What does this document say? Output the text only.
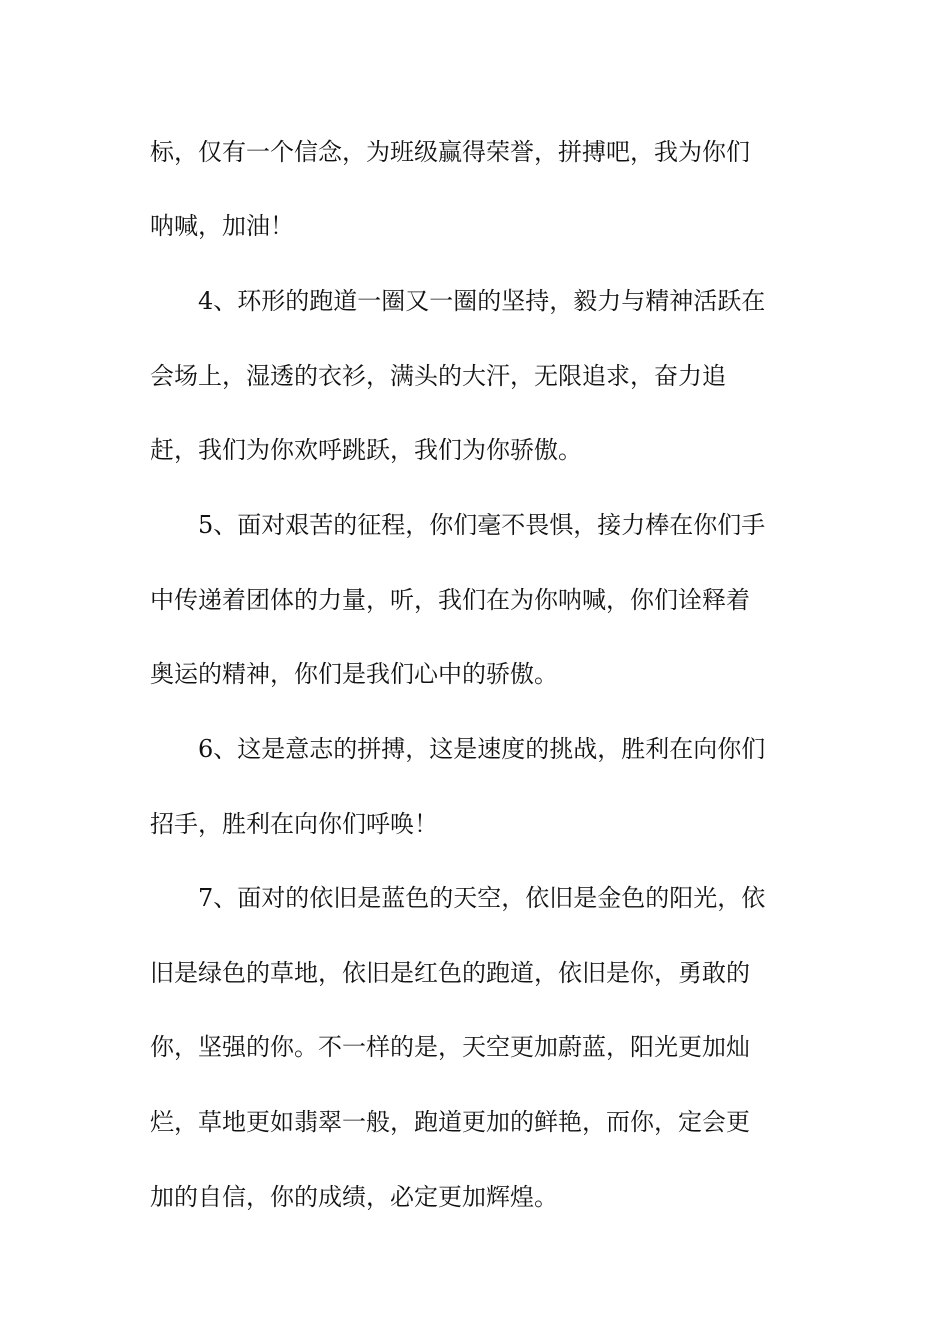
标，仅有一个信念，为班级赢得荣誉，拼搏吧，我为你们
呐喊，加油！
4、环形的跑道一圈又一圈的坚持，毅力与精神活跃在
会场上，湿透的衣衫，满头的大汗，无限追求，奋力追
赶，我们为你欢呼跳跃，我们为你骄傲。
5、面对艰苦的征程，你们毫不畏惧，接力棒在你们手
中传递着团体的力量，听，我们在为你呐喊，你们诠释着
奥运的精神，你们是我们心中的骄傲。
6、这是意志的拼搏，这是速度的挑战，胜利在向你们
招手，胜利在向你们呼唤！
7、面对的依旧是蓝色的天空，依旧是金色的阳光，依
旧是绿色的草地，依旧是红色的跑道，依旧是你，勇敢的
你，坚强的你。不一样的是，天空更加蔚蓝，阳光更加灿
烂，草地更如翡翠一般，跑道更加的鲜艳，而你，定会更
加的自信，你的成绩，必定更加辉煌。
